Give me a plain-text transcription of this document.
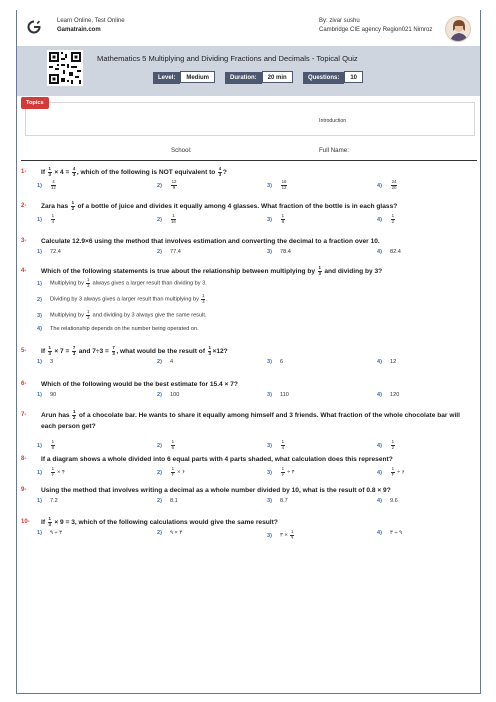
Learn Online, Test Online
Gamatrain.com
By: zivar sushu
Cambridge CIE agency Region021 Nimroz
Mathematics 5 Multiplying and Dividing Fractions and Decimals - Topical Quiz
Level: Medium	Duration: 20 min	Questions: 10
Topics
Introduction
School:	Full Name:
1- If $\frac{1}{3} \times 4 = \frac{4}{3}$ , which of the following is NOT equivalent to $\frac{4}{3}$ ?
$1) \frac{4}{12}$	$2) \frac{12}{9}$	$3) \frac{16}{12}$	$4) \frac{24}{20}$
2- Zara has $\frac{1}{2}$ of a bottle of juice and divides it equally among 4 glasses. What fraction of the bottle is in each glass?
$1) \frac{1}{4}$	$2) \frac{1}{16}$	$3) \frac{1}{8}$	$4) \frac{1}{2}$
3- Calculate 12.9×6 using the method that involves estimation and converting the decimal to a fraction over 10.
1) 72.4	2) 77.4	3) 78.4	4) 82.4
4- Which of the following statements is true about the relationship between multiplying by $\frac{1}{3}$ and dividing by 3?
1) Multiplying by $\frac{1}{3}$ always gives a larger result than dividing by 3.
2) Dividing by 3 always gives a larger result than multiplying by $\frac{1}{3}$ .
3) Multiplying by $\frac{1}{3}$ and dividing by 3 always give the same result.
4) The relationship depends on the number being operated on.
5- If $\frac{1}{3} \times 7 = \frac{7}{3}$ and $7\div 3 = \frac{7}{3}$ , what would be the result of $\frac{1}{3} \times 12$?
1) 3	2) 4	3) 6	4) 12
6- Which of the following would be the best estimate for 15.4 × 7?
1) 90	2) 100	3) 110	4) 120
7- Arun has $\frac{1}{2}$ of a chocolate bar. He wants to share it equally among himself and 3 friends. What fraction of the whole chocolate bar will each person get?
$1) \frac{1}{8}$	$2) \frac{1}{6}$	$3) \frac{1}{4}$	$4) \frac{1}{2}$
8- If a diagram shows a whole divided into 6 equal parts with 4 parts shaded, what calculation does this represent?
$1) \frac{1}{۶}$ × ۴	$2) \frac{1}{۴}$ × ۶	$3) \frac{1}{۶}$ ÷ ۴	$4) \frac{1}{۴}$ ÷ ۶
9- Using the method that involves writing a decimal as a whole number divided by 10, what is the result of 0.8 × 9?
1) 7.2	2) 8.1	3) 8.7	4) 9.6
10- If $\frac{1}{3} \times 9 = 3$, which of the following calculations would give the same result?
1) ۹ ÷ ۳	2) ۹ × ۳	3) ۳ × $\frac{1}{۹}$	4) ۳ ÷ ۹
